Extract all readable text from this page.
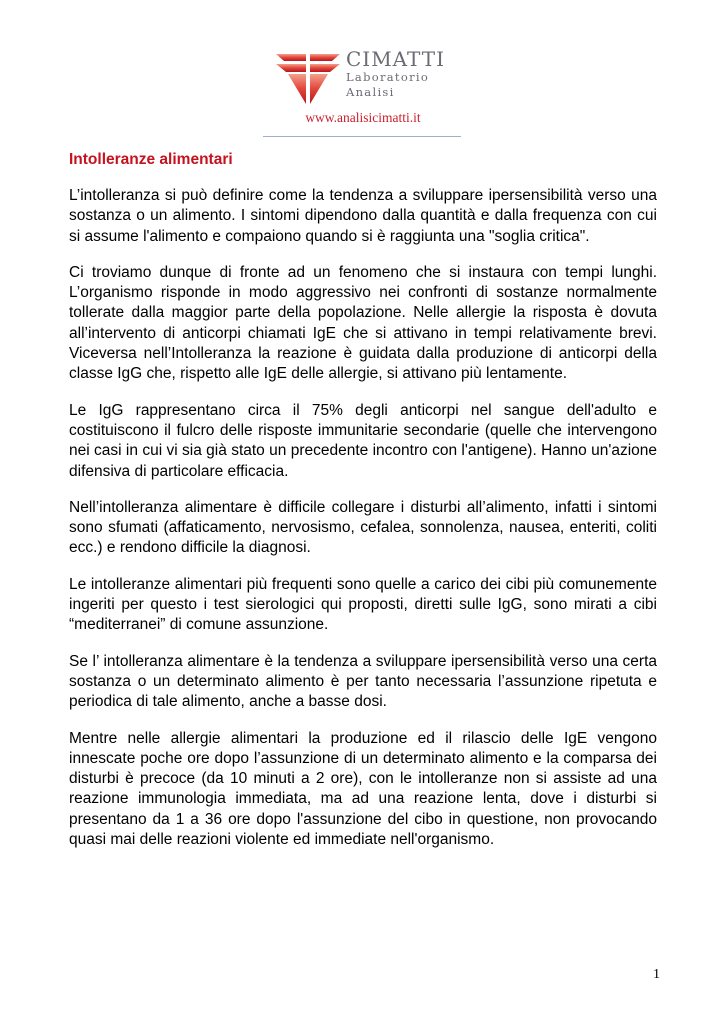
CIMATTI
Laboratorio
Analisi
www.analisicimatti.it
Intolleranze alimentari

L’intolleranza si può definire come la tendenza a sviluppare ipersensibilità verso una sostanza o un alimento. I sintomi dipendono dalla quantità e dalla frequenza con cui si assume l'alimento e compaiono quando si è raggiunta una "soglia critica".

Ci troviamo dunque di fronte ad un fenomeno che si instaura con tempi lunghi. L’organismo risponde in modo aggressivo nei confronti di sostanze normalmente tollerate dalla maggior parte della popolazione. Nelle allergie la risposta è dovuta all’intervento di anticorpi chiamati IgE che si attivano in tempi relativamente brevi. Viceversa nell’Intolleranza la reazione è guidata dalla produzione di anticorpi della classe IgG che, rispetto alle IgE delle allergie, si attivano più lentamente.

Le IgG rappresentano circa il 75% degli anticorpi nel sangue dell'adulto e costituiscono il fulcro delle risposte immunitarie secondarie (quelle che intervengono nei casi in cui vi sia già stato un precedente incontro con l'antigene). Hanno un'azione difensiva di particolare efficacia.

Nell’intolleranza alimentare è difficile collegare i disturbi all’alimento, infatti i sintomi sono sfumati (affaticamento, nervosismo, cefalea, sonnolenza, nausea, enteriti, coliti ecc.) e rendono difficile la diagnosi.

Le intolleranze alimentari più frequenti sono quelle a carico dei cibi più comunemente ingeriti per questo i test sierologici qui proposti, diretti sulle IgG, sono mirati a cibi “mediterranei” di comune assunzione.

Se l’ intolleranza alimentare è la tendenza a sviluppare ipersensibilità verso una certa sostanza o un determinato alimento è per tanto necessaria l’assunzione ripetuta e periodica di tale alimento, anche a basse dosi.

Mentre nelle allergie alimentari la produzione ed il rilascio delle IgE vengono innescate poche ore dopo l’assunzione di un determinato alimento e la comparsa dei disturbi è precoce (da 10 minuti a 2 ore), con le intolleranze non si assiste ad una reazione immunologia immediata, ma ad una reazione lenta, dove i disturbi si presentano da 1 a 36 ore dopo l'assunzione del cibo in questione, non provocando quasi mai delle reazioni violente ed immediate nell'organismo.

1
